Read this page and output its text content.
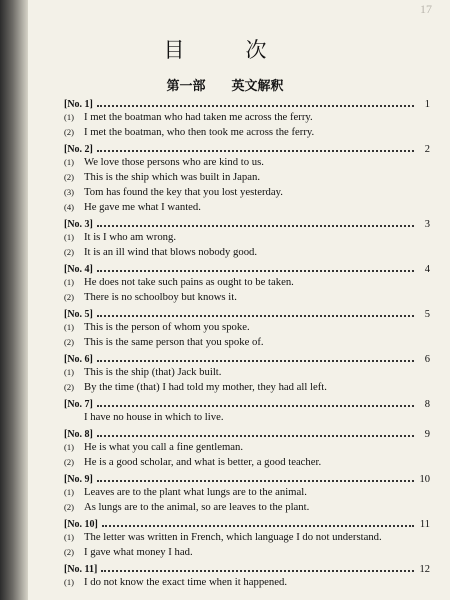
17
目　次
第一部 英文解釈
[No. 1]	1
(1) I met the boatman who had taken me across the ferry.
(2) I met the boatman, who then took me across the ferry.
[No. 2]	2
(1) We love those persons who are kind to us.
(2) This is the ship which was built in Japan.
(3) Tom has found the key that you lost yesterday.
(4) He gave me what I wanted.
[No. 3]	3
(1) It is I who am wrong.
(2) It is an ill wind that blows nobody good.
[No. 4]	4
(1) He does not take such pains as ought to be taken.
(2) There is no schoolboy but knows it.
[No. 5]	5
(1) This is the person of whom you spoke.
(2) This is the same person that you spoke of.
[No. 6]	6
(1) This is the ship (that) Jack built.
(2) By the time (that) I had told my mother, they had all left.
[No. 7]	8
I have no house in which to live.
[No. 8]	9
(1) He is what you call a fine gentleman.
(2) He is a good scholar, and what is better, a good teacher.
[No. 9]	10
(1) Leaves are to the plant what lungs are to the animal.
(2) As lungs are to the animal, so are leaves to the plant.
[No. 10]	11
(1) The letter was written in French, which language I do not understand.
(2) I gave what money I had.
[No. 11]	12
(1) I do not know the exact time when it happened.
